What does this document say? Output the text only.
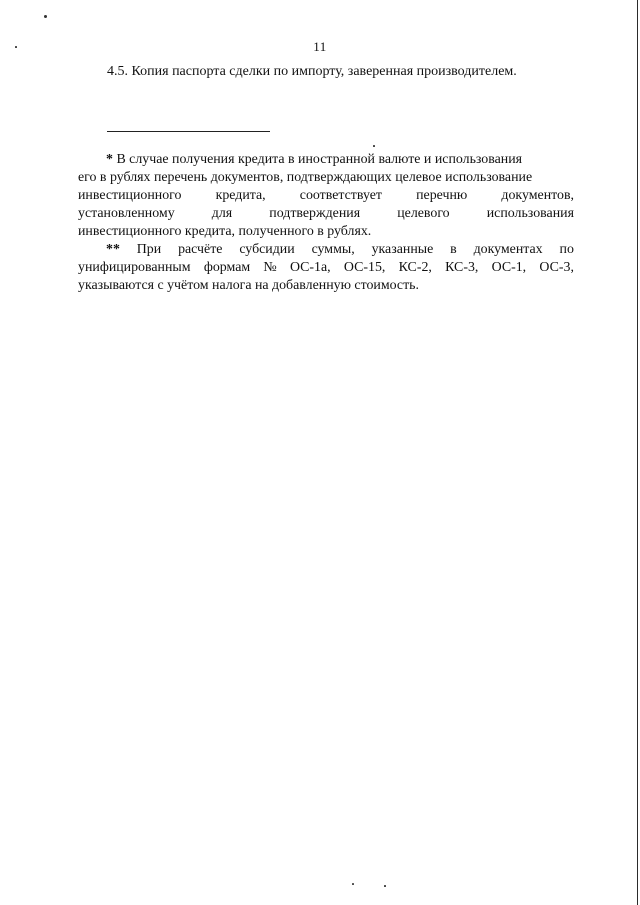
11
4.5. Копия паспорта сделки по импорту, заверенная производителем.
* В случае получения кредита в иностранной валюте и использования
его в рублях перечень документов, подтверждающих целевое использование
инвестиционного кредита, соответствует перечню документов,
установленному	для	подтверждения	целевого	использования
инвестиционного кредита, полученного в рублях.
** При расчёте субсидии суммы, указанные в документах по
унифицированным формам № ОС-1а, ОС-15, КС-2, КС-3, ОС-1, ОС-3,
указываются с учётом налога на добавленную стоимость.
